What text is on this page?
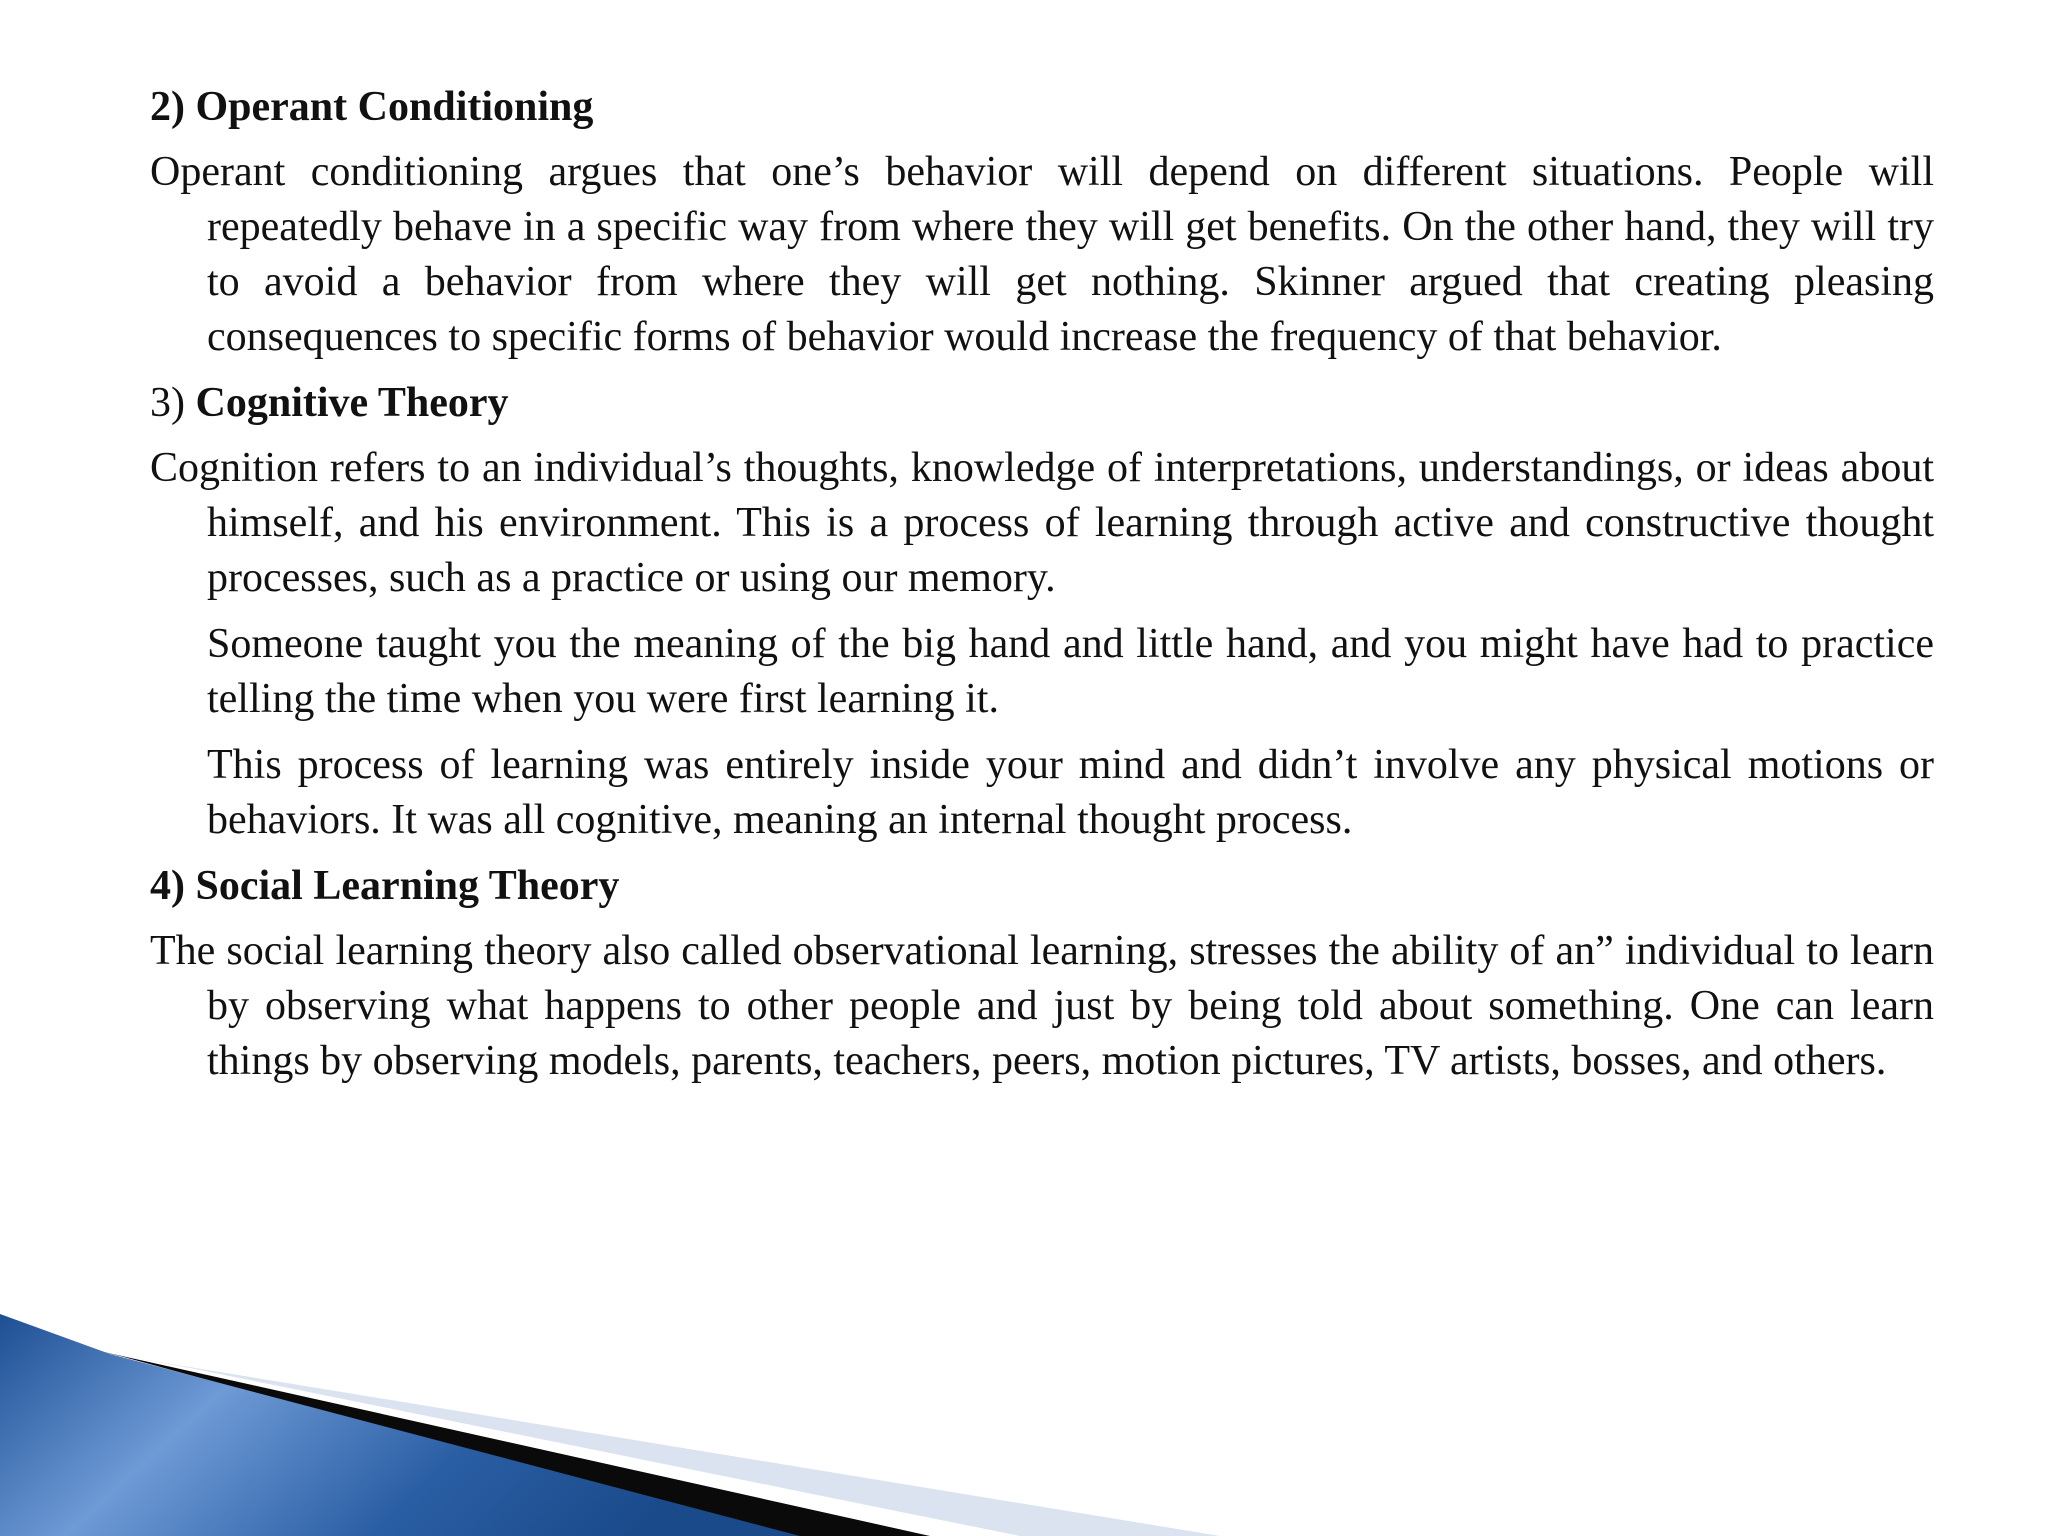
2) Operant Conditioning

Operant conditioning argues that one’s behavior will depend on different situations. People will repeatedly behave in a specific way from where they will get benefits. On the other hand, they will try to avoid a behavior from where they will get nothing. Skinner argued that creating pleasing consequences to specific forms of behavior would increase the frequency of that behavior.

3) Cognitive Theory

Cognition refers to an individual’s thoughts, knowledge of interpretations, understandings, or ideas about himself, and his environment. This is a process of learning through active and constructive thought processes, such as a practice or using our memory.

Someone taught you the meaning of the big hand and little hand, and you might have had to practice telling the time when you were first learning it.

This process of learning was entirely inside your mind and didn’t involve any physical motions or behaviors. It was all cognitive, meaning an internal thought process.

4) Social Learning Theory

The social learning theory also called observational learning, stresses the ability of an” individual to learn by observing what happens to other people and just by being told about something. One can learn things by observing models, parents, teachers, peers, motion pictures, TV artists, bosses, and others.
